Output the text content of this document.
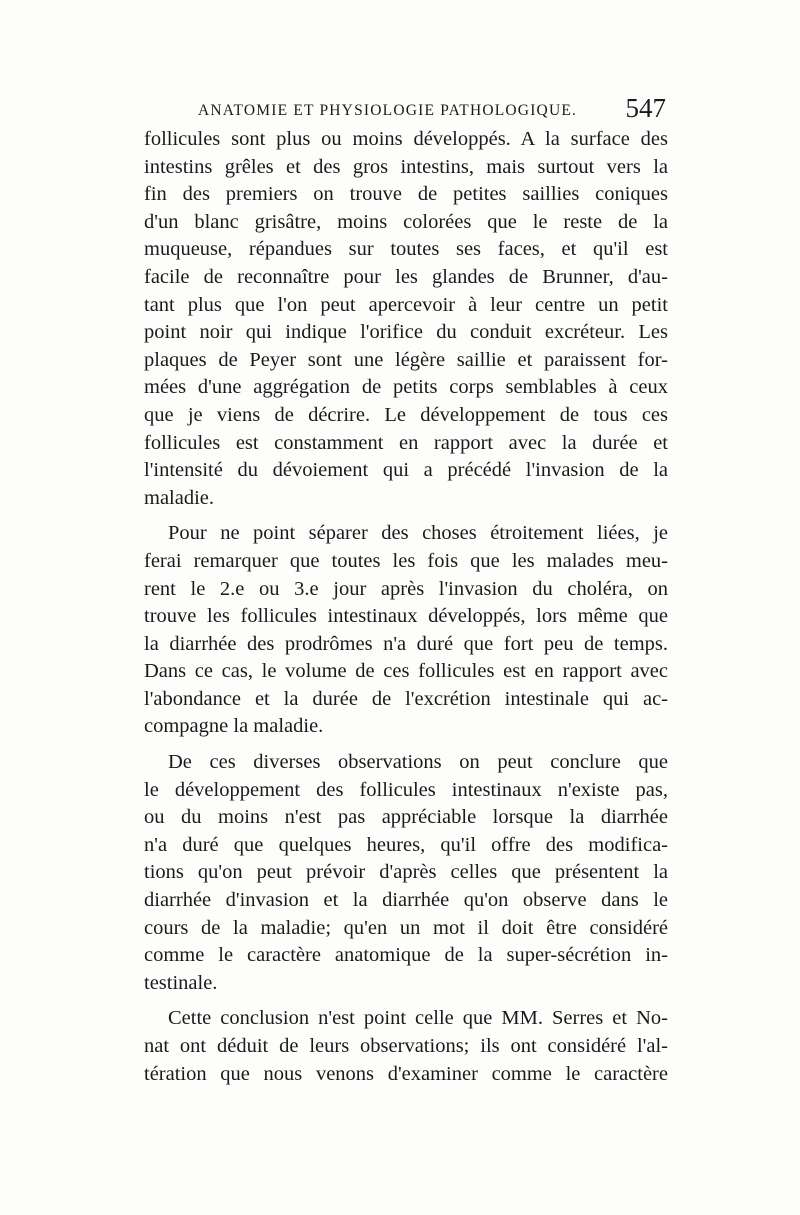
ANATOMIE ET PHYSIOLOGIE PATHOLOGIQUE. 547

follicules sont plus ou moins développés. A la surface des
intestins grêles et des gros intestins, mais surtout vers la
fin des premiers on trouve de petites saillies coniques
d'un blanc grisâtre, moins colorées que le reste de la
muqueuse, répandues sur toutes ses faces, et qu'il est
facile de reconnaître pour les glandes de Brunner, d'au-
tant plus que l'on peut apercevoir à leur centre un petit
point noir qui indique l'orifice du conduit excréteur. Les
plaques de Peyer sont une légère saillie et paraissent for-
mées d'une aggrégation de petits corps semblables à ceux
que je viens de décrire. Le développement de tous ces
follicules est constamment en rapport avec la durée et
l'intensité du dévoiement qui a précédé l'invasion de la
maladie.

Pour ne point séparer des choses étroitement liées, je
ferai remarquer que toutes les fois que les malades meu-
rent le 2.e ou 3.e jour après l'invasion du choléra, on
trouve les follicules intestinaux développés, lors même que
la diarrhée des prodrômes n'a duré que fort peu de temps.
Dans ce cas, le volume de ces follicules est en rapport avec
l'abondance et la durée de l'excrétion intestinale qui ac-
compagne la maladie.

De ces diverses observations on peut conclure que
le développement des follicules intestinaux n'existe pas,
ou du moins n'est pas appréciable lorsque la diarrhée
n'a duré que quelques heures, qu'il offre des modifica-
tions qu'on peut prévoir d'après celles que présentent la
diarrhée d'invasion et la diarrhée qu'on observe dans le
cours de la maladie; qu'en un mot il doit être considéré
comme le caractère anatomique de la super-sécrétion in-
testinale.

Cette conclusion n'est point celle que MM. Serres et No-
nat ont déduit de leurs observations; ils ont considéré l'al-
tération que nous venons d'examiner comme le caractère
